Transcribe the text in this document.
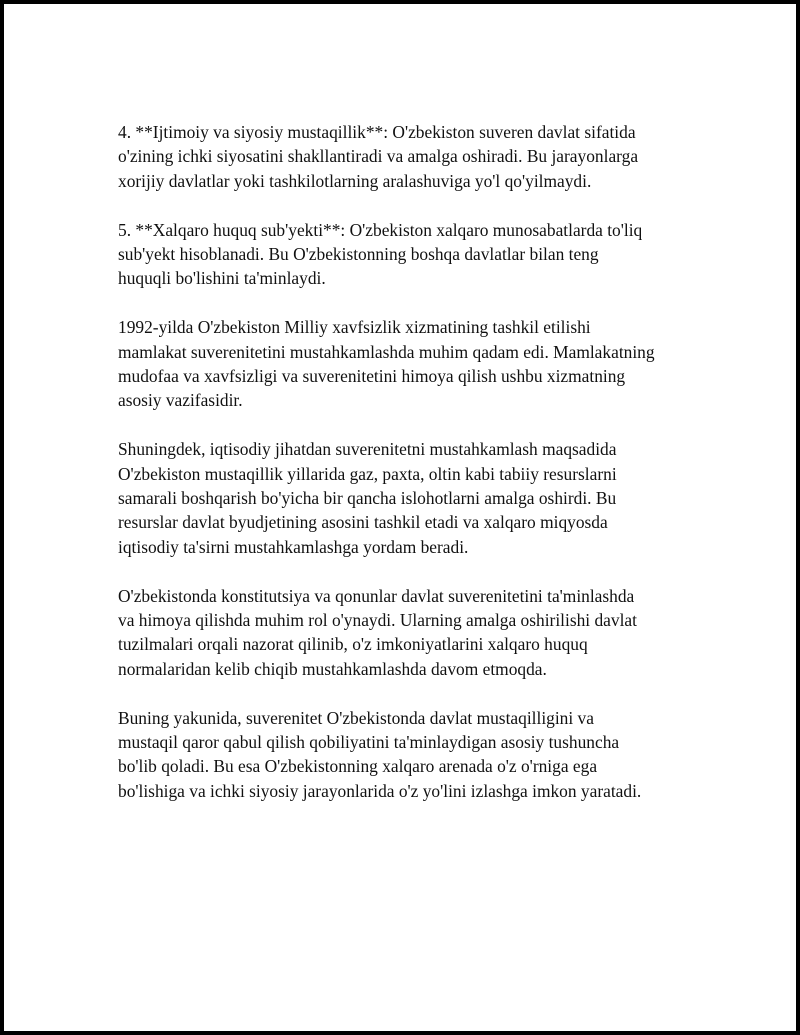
4. **Ijtimoiy va siyosiy mustaqillik**: O'zbekiston suveren davlat sifatida
o'zining ichki siyosatini shakllantiradi va amalga oshiradi. Bu jarayonlarga
xorijiy davlatlar yoki tashkilotlarning aralashuviga yo'l qo'yilmaydi.

5. **Xalqaro huquq sub'yekti**: O'zbekiston xalqaro munosabatlarda to'liq
sub'yekt hisoblanadi. Bu O'zbekistonning boshqa davlatlar bilan teng
huquqli bo'lishini ta'minlaydi.

1992-yilda O'zbekiston Milliy xavfsizlik xizmatining tashkil etilishi
mamlakat suverenitetini mustahkamlashda muhim qadam edi. Mamlakatning
mudofaa va xavfsizligi va suverenitetini himoya qilish ushbu xizmatning
asosiy vazifasidir.

Shuningdek, iqtisodiy jihatdan suverenitetni mustahkamlash maqsadida
O'zbekiston mustaqillik yillarida gaz, paxta, oltin kabi tabiiy resurslarni
samarali boshqarish bo'yicha bir qancha islohotlarni amalga oshirdi. Bu
resurslar davlat byudjetining asosini tashkil etadi va xalqaro miqyosda
iqtisodiy ta'sirni mustahkamlashga yordam beradi.

O'zbekistonda konstitutsiya va qonunlar davlat suverenitetini ta'minlashda
va himoya qilishda muhim rol o'ynaydi. Ularning amalga oshirilishi davlat
tuzilmalari orqali nazorat qilinib, o'z imkoniyatlarini xalqaro huquq
normalaridan kelib chiqib mustahkamlashda davom etmoqda.

Buning yakunida, suverenitet O'zbekistonda davlat mustaqilligini va
mustaqil qaror qabul qilish qobiliyatini ta'minlaydigan asosiy tushuncha
bo'lib qoladi. Bu esa O'zbekistonning xalqaro arenada o'z o'rniga ega
bo'lishiga va ichki siyosiy jarayonlarida o'z yo'lini izlashga imkon yaratadi.
